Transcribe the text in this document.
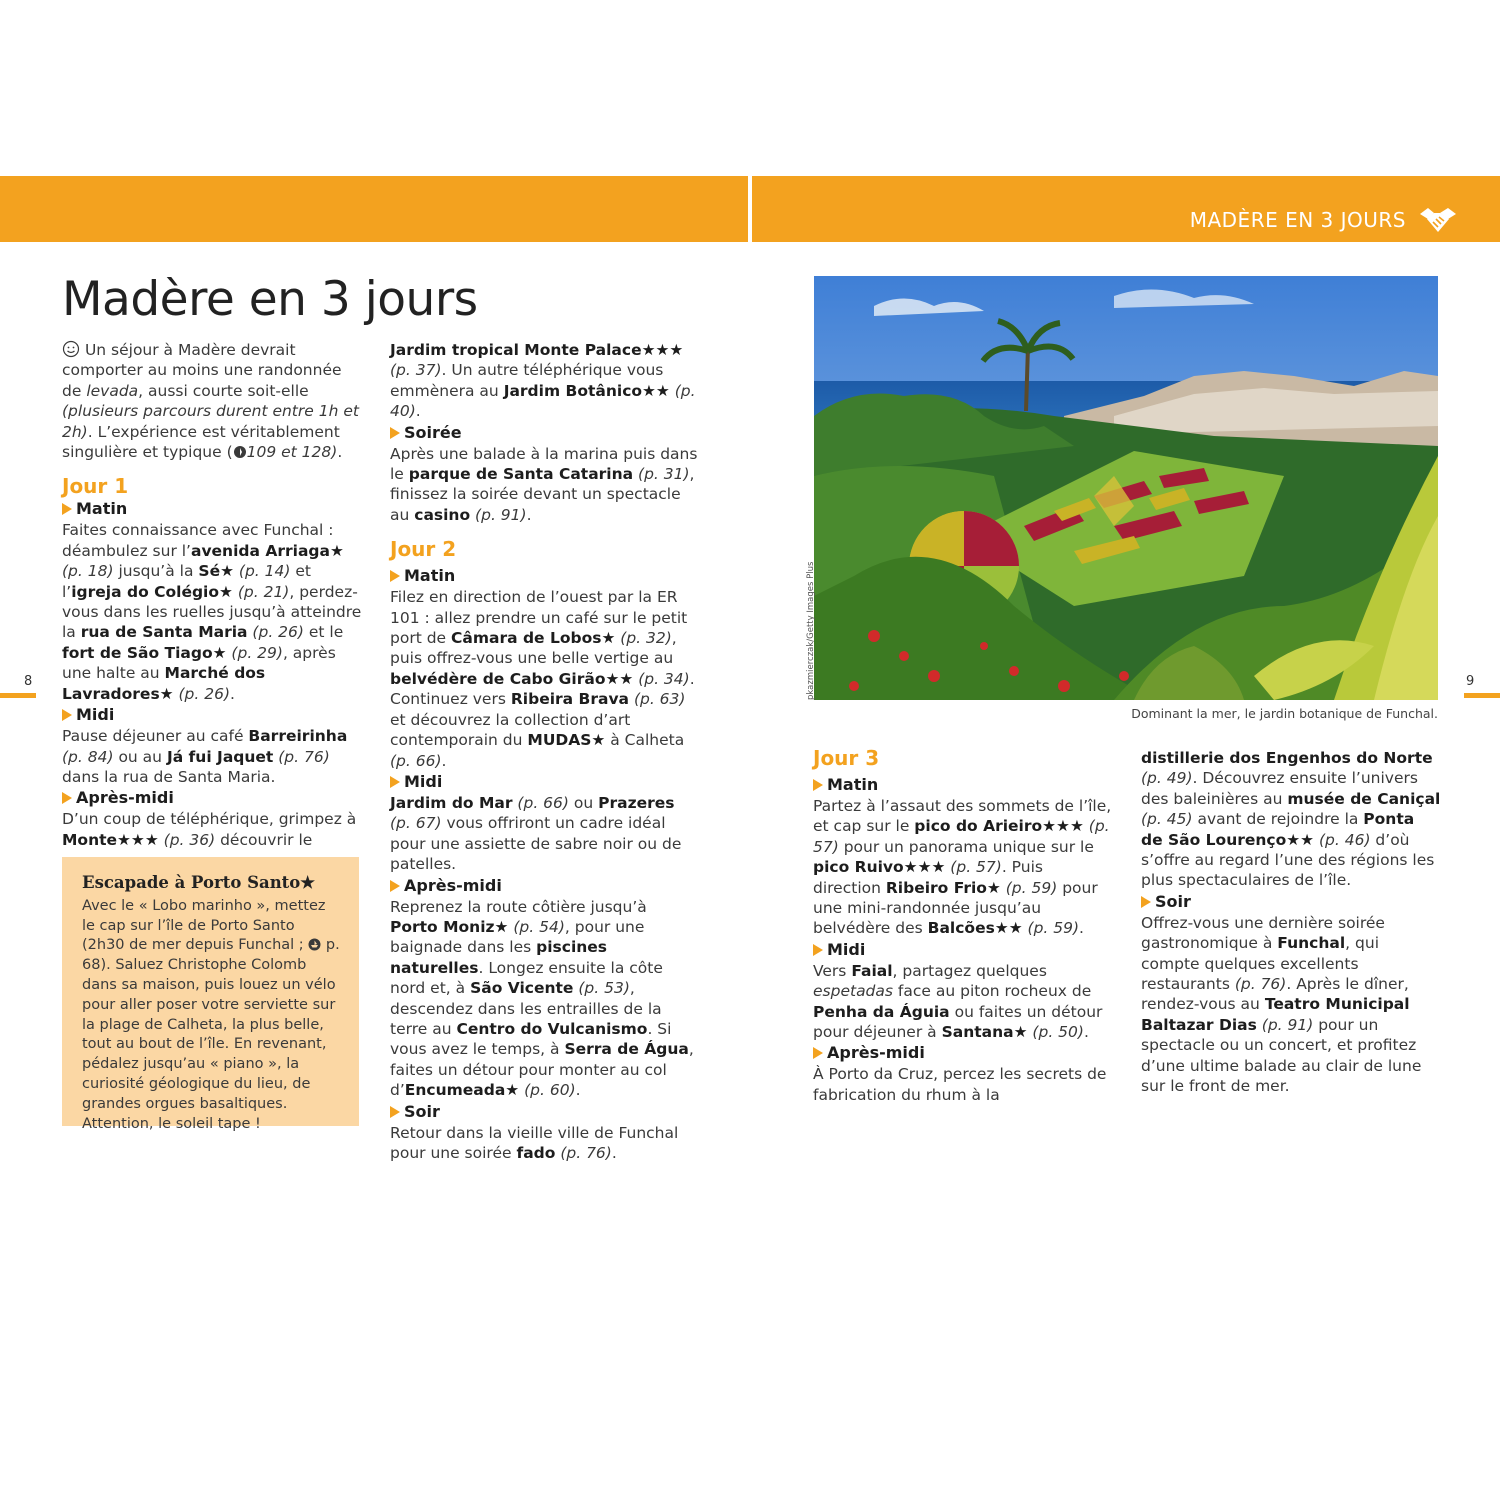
MADÈRE EN 3 JOURS
Madère en 3 jours
8	9
Un séjour à Madère devrait comporter au moins une randonnée de levada, aussi courte soit-elle (plusieurs parcours durent entre 1h et 2h). L’expérience est véritablement singulière et typique ( 109 et 128).
Jour 1
Matin
Faites connaissance avec Funchal : déambulez sur l’avenida Arriaga★ (p. 18) jusqu’à la Sé★ (p. 14) et l’igreja do Colégio★ (p. 21), perdez-vous dans les ruelles jusqu’à atteindre la rua de Santa Maria (p. 26) et le fort de São Tiago★ (p. 29), après une halte au Marché dos Lavradores★ (p. 26).
Midi
Pause déjeuner au café Barreirinha (p. 84) ou au Já fui Jaquet (p. 76) dans la rua de Santa Maria.
Après-midi
D’un coup de téléphérique, grimpez à Monte★★★ (p. 36) découvrir le
Escapade à Porto Santo★
Avec le « Lobo marinho », mettez le cap sur l’île de Porto Santo (2h30 de mer depuis Funchal ;  p. 68). Saluez Christophe Colomb dans sa maison, puis louez un vélo pour aller poser votre serviette sur la plage de Calheta, la plus belle, tout au bout de l’île. En revenant, pédalez jusqu’au « piano », la curiosité géologique du lieu, de grandes orgues basaltiques. Attention, le soleil tape !
Jardim tropical Monte Palace★★★ (p. 37). Un autre téléphérique vous emmènera au Jardim Botânico★★ (p. 40).
Soirée
Après une balade à la marina puis dans le parque de Santa Catarina (p. 31), finissez la soirée devant un spectacle au casino (p. 91).
Jour 2
Matin
Filez en direction de l’ouest par la ER 101 : allez prendre un café sur le petit port de Câmara de Lobos★ (p. 32), puis offrez-vous une belle vertige au belvédère de Cabo Girão★★ (p. 34). Continuez vers Ribeira Brava (p. 63) et découvrez la collection d’art contemporain du MUDAS★ à Calheta (p. 66).
Midi
Jardim do Mar (p. 66) ou Prazeres (p. 67) vous offriront un cadre idéal pour une assiette de sabre noir ou de patelles.
Après-midi
Reprenez la route côtière jusqu’à Porto Moniz★ (p. 54), pour une baignade dans les piscines naturelles. Longez ensuite la côte nord et, à São Vicente (p. 53), descendez dans les entrailles de la terre au Centro do Vulcanismo. Si vous avez le temps, à Serra de Água, faites un détour pour monter au col d’Encumeada★ (p. 60).
Soir
Retour dans la vieille ville de Funchal pour une soirée fado (p. 76).
pkazmierczak/Getty Images Plus
Dominant la mer, le jardin botanique de Funchal.
Jour 3
Matin
Partez à l’assaut des sommets de l’île, et cap sur le pico do Arieiro★★★ (p. 57) pour un panorama unique sur le pico Ruivo★★★ (p. 57). Puis direction Ribeiro Frio★ (p. 59) pour une mini-randonnée jusqu’au belvédère des Balcões★★ (p. 59).
Midi
Vers Faial, partagez quelques espetadas face au piton rocheux de Penha da Águia ou faites un détour pour déjeuner à Santana★ (p. 50).
Après-midi
À Porto da Cruz, percez les secrets de fabrication du rhum à la
distillerie dos Engenhos do Norte (p. 49). Découvrez ensuite l’univers des baleinières au musée de Caniçal (p. 45) avant de rejoindre la Ponta de São Lourenço★★ (p. 46) d’où s’offre au regard l’une des régions les plus spectaculaires de l’île.
Soir
Offrez-vous une dernière soirée gastronomique à Funchal, qui compte quelques excellents restaurants (p. 76). Après le dîner, rendez-vous au Teatro Municipal Baltazar Dias (p. 91) pour un spectacle ou un concert, et profitez d’une ultime balade au clair de lune sur le front de mer.
